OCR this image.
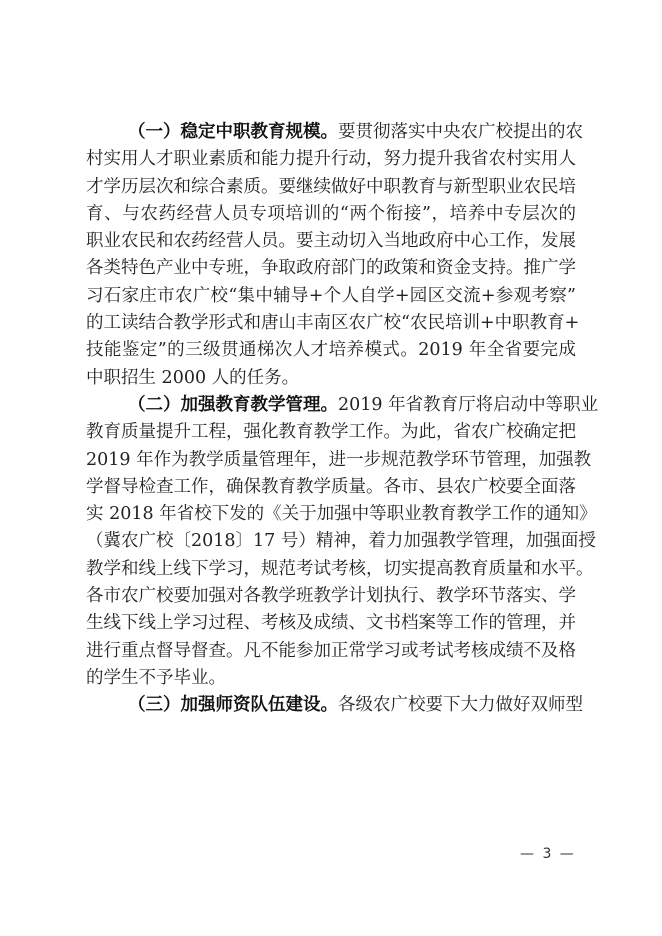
（一）稳定中职教育规模。要贯彻落实中央农广校提出的农
村实用人才职业素质和能力提升行动，努力提升我省农村实用人
才学历层次和综合素质。要继续做好中职教育与新型职业农民培
育、与农药经营人员专项培训的“两个衔接”，培养中专层次的
职业农民和农药经营人员。要主动切入当地政府中心工作，发展
各类特色产业中专班，争取政府部门的政策和资金支持。推广学
习石家庄市农广校“集中辅导+个人自学+园区交流+参观考察”
的工读结合教学形式和唐山丰南区农广校“农民培训+中职教育+
技能鉴定”的三级贯通梯次人才培养模式。2019 年全省要完成
中职招生 2000 人的任务。
（二）加强教育教学管理。2019 年省教育厅将启动中等职业
教育质量提升工程，强化教育教学工作。为此，省农广校确定把
2019 年作为教学质量管理年，进一步规范教学环节管理，加强教
学督导检查工作，确保教育教学质量。各市、县农广校要全面落
实 2018 年省校下发的《关于加强中等职业教育教学工作的通知》
（冀农广校〔2018〕17 号）精神，着力加强教学管理，加强面授
教学和线上线下学习，规范考试考核，切实提高教育质量和水平。
各市农广校要加强对各教学班教学计划执行、教学环节落实、学
生线下线上学习过程、考核及成绩、文书档案等工作的管理，并
进行重点督导督查。凡不能参加正常学习或考试考核成绩不及格
的学生不予毕业。
（三）加强师资队伍建设。各级农广校要下大力做好双师型
— 3 —
